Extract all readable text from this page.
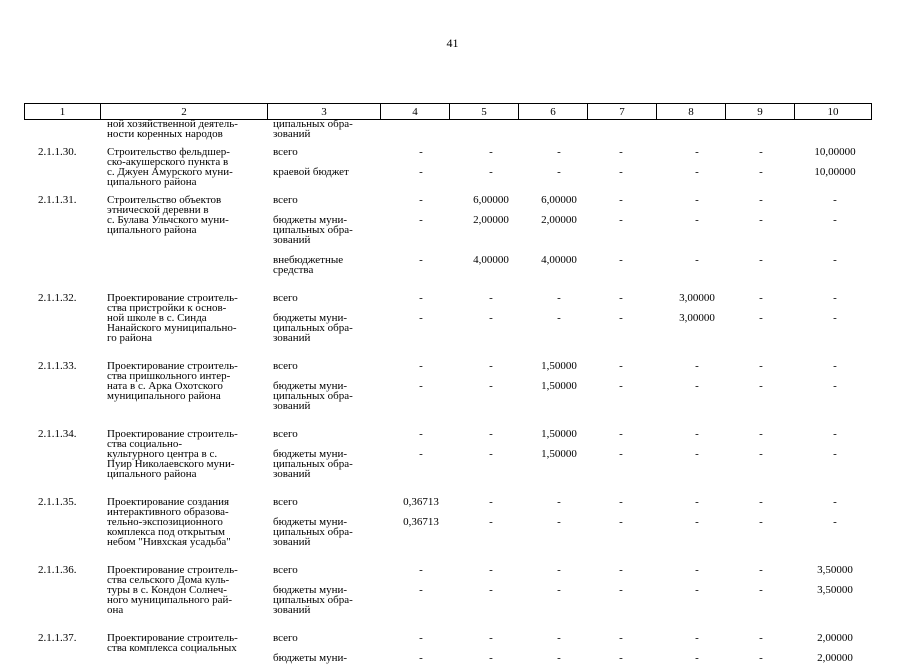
41
1	2	3	4	5	6	7	8	9	10
ной хозяйственной деятель-
ности коренных народов
ципальных обра-
зований
2.1.1.30.	Строительство фельдшер-
ско-акушерского пункта в
с. Джуен Амурского муни-
ципального района
всего	-	-	-	-	-	-	10,00000
краевой бюджет	-	-	-	-	-	-	10,00000
2.1.1.31.	Строительство объектов
этнической деревни в
с. Булава Ульчского муни-
ципального района
всего	-	6,00000	6,00000	-	-	-	-
бюджеты муни-
ципальных обра-
зований
-	2,00000	2,00000	-	-	-	-
внебюджетные
средства
-	4,00000	4,00000	-	-	-	-
2.1.1.32.	Проектирование строитель-
ства пристройки к основ-
ной школе в с. Синда
Нанайского муниципально-
го района
всего	-	-	-	-	3,00000	-	-
бюджеты муни-
ципальных обра-
зований
-	-	-	-	3,00000	-	-
2.1.1.33.	Проектирование строитель-
ства пришкольного интер-
ната в с. Арка Охотского
муниципального района
всего	-	-	1,50000	-	-	-	-
бюджеты муни-
ципальных обра-
зований
-	-	1,50000	-	-	-	-
2.1.1.34.	Проектирование строитель-
ства социально-
культурного центра в с.
Пуир Николаевского муни-
ципального района
всего	-	-	1,50000	-	-	-	-
бюджеты муни-
ципальных обра-
зований
-	-	1,50000	-	-	-	-
2.1.1.35.	Проектирование создания
интерактивного образова-
тельно-экспозиционного
комплекса под открытым
небом "Нивхская усадьба"
всего	0,36713	-	-	-	-	-	-
бюджеты муни-
ципальных обра-
зований
0,36713	-	-	-	-	-	-
2.1.1.36.	Проектирование строитель-
ства сельского Дома куль-
туры в с. Кондон Солнеч-
ного муниципального рай-
она
всего	-	-	-	-	-	-	3,50000
бюджеты муни-
ципальных обра-
зований
-	-	-	-	-	-	3,50000
2.1.1.37.	Проектирование строитель-
ства комплекса социальных
всего	-	-	-	-	-	-	2,00000
бюджеты муни-	-	-	-	-	-	-	2,00000
